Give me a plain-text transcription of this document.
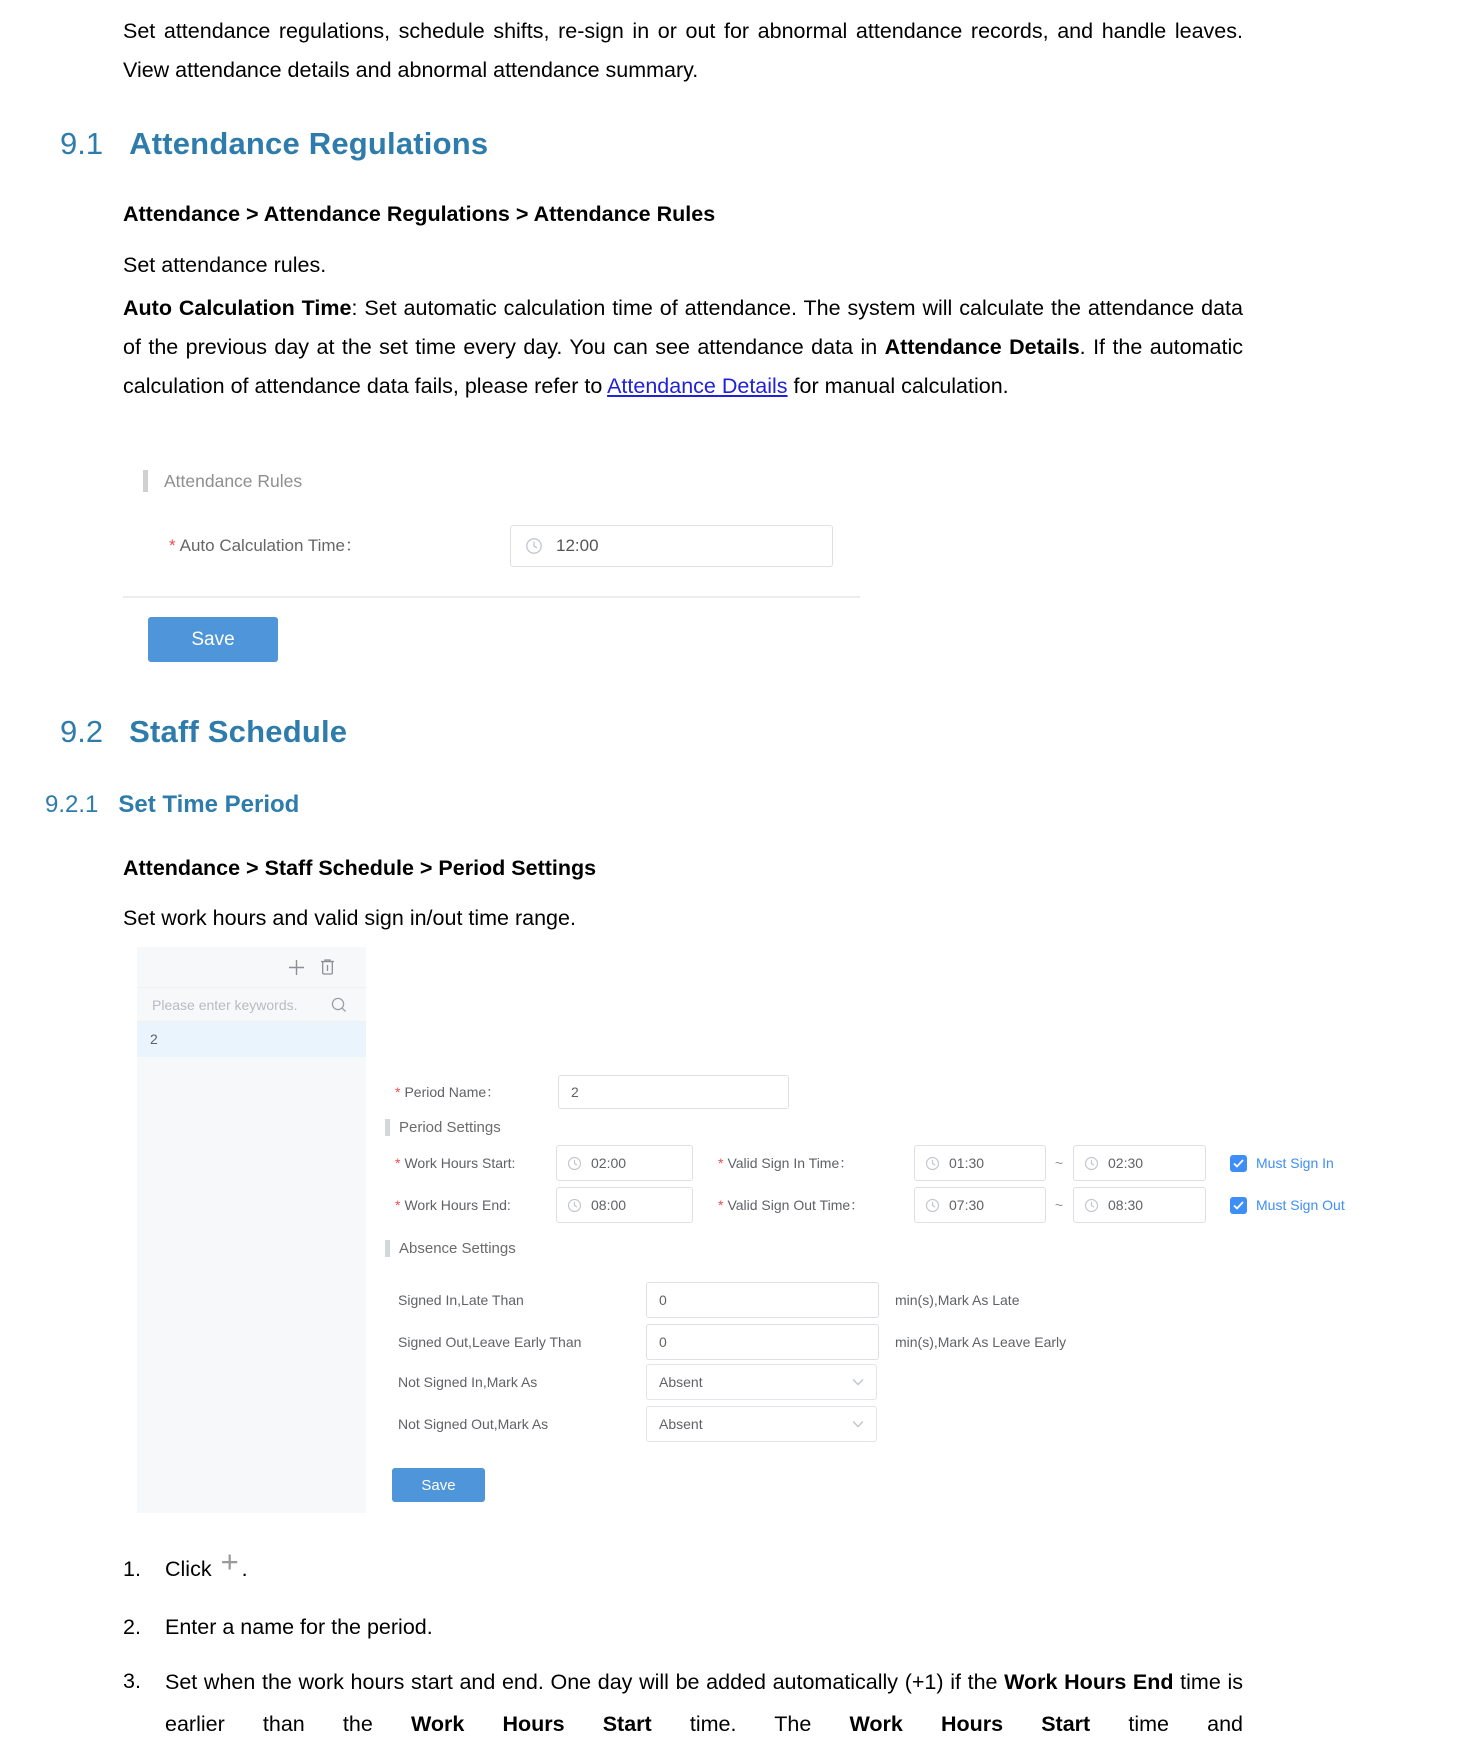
Set attendance regulations, schedule shifts, re-sign in or out for abnormal attendance records, and handle leaves. View attendance details and abnormal attendance summary.

9.1 Attendance Regulations
Attendance > Attendance Regulations > Attendance Rules

Set attendance rules.

Auto Calculation Time: Set automatic calculation time of attendance. The system will calculate the attendance data of the previous day at the set time every day. You can see attendance data in Attendance Details. If the automatic calculation of attendance data fails, please refer to Attendance Details for manual calculation.

Attendance Rules
* Auto Calculation Time：	12:00
Save
9.2 Staff Schedule
9.2.1 Set Time Period
Attendance > Staff Schedule > Period Settings

Set work hours and valid sign in/out time range.

Please enter keywords.
2
* Period Name：	2
Period Settings
* Work Hours Start:	02:00	* Valid Sign In Time：	01:30	~	02:30	Must Sign In
* Work Hours End:	08:00	* Valid Sign Out Time：	07:30	~	08:30	Must Sign Out
Absence Settings
Signed In,Late Than	0	min(s),Mark As Late
Signed Out,Leave Early Than	0	min(s),Mark As Leave Early
Not Signed In,Mark As	Absent
Not Signed Out,Mark As	Absent
Save
1.	Click + .
2.	Enter a name for the period.
3.	Set when the work hours start and end. One day will be added automatically (+1) if the Work Hours End time is earlier than the Work Hours Start time. The Work Hours Start time and
